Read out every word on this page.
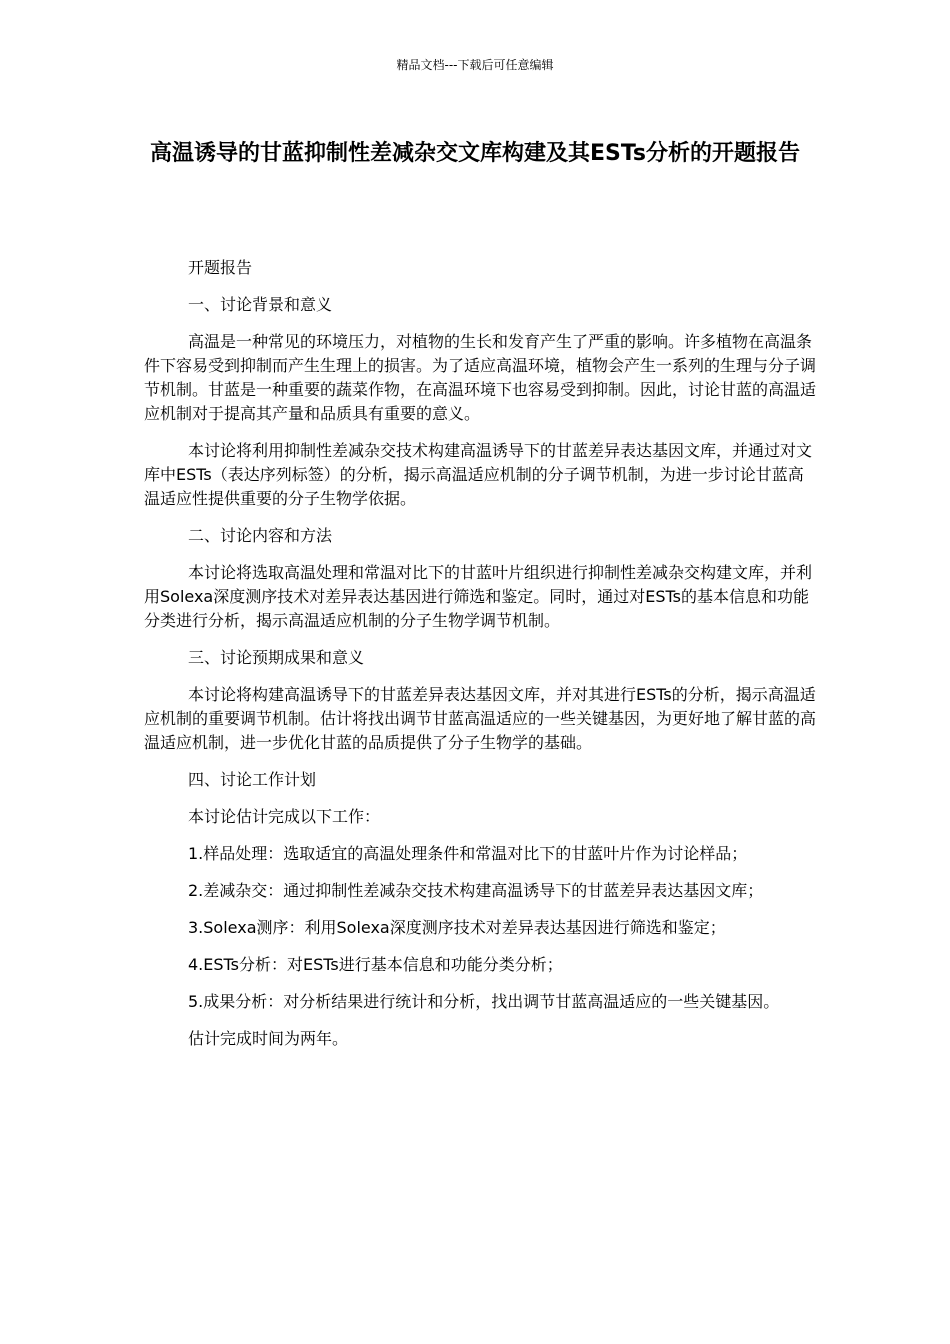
精品文档---下载后可任意编辑
高温诱导的甘蓝抑制性差减杂交文库构建及其ESTs分析的开题报告

开题报告

一、讨论背景和意义

高温是一种常见的环境压力，对植物的生长和发育产生了严重的影响。许多植物在高温条件下容易受到抑制而产生生理上的损害。为了适应高温环境，植物会产生一系列的生理与分子调节机制。甘蓝是一种重要的蔬菜作物，在高温环境下也容易受到抑制。因此，讨论甘蓝的高温适应机制对于提高其产量和品质具有重要的意义。

本讨论将利用抑制性差减杂交技术构建高温诱导下的甘蓝差异表达基因文库，并通过对文库中ESTs（表达序列标签）的分析，揭示高温适应机制的分子调节机制，为进一步讨论甘蓝高温适应性提供重要的分子生物学依据。

二、讨论内容和方法

本讨论将选取高温处理和常温对比下的甘蓝叶片组织进行抑制性差减杂交构建文库，并利用Solexa深度测序技术对差异表达基因进行筛选和鉴定。同时，通过对ESTs的基本信息和功能分类进行分析，揭示高温适应机制的分子生物学调节机制。

三、讨论预期成果和意义

本讨论将构建高温诱导下的甘蓝差异表达基因文库，并对其进行ESTs的分析，揭示高温适应机制的重要调节机制。估计将找出调节甘蓝高温适应的一些关键基因，为更好地了解甘蓝的高温适应机制，进一步优化甘蓝的品质提供了分子生物学的基础。

四、讨论工作计划

本讨论估计完成以下工作：

1.样品处理：选取适宜的高温处理条件和常温对比下的甘蓝叶片作为讨论样品；

2.差减杂交：通过抑制性差减杂交技术构建高温诱导下的甘蓝差异表达基因文库；

3.Solexa测序：利用Solexa深度测序技术对差异表达基因进行筛选和鉴定；

4.ESTs分析：对ESTs进行基本信息和功能分类分析；

5.成果分析：对分析结果进行统计和分析，找出调节甘蓝高温适应的一些关键基因。

估计完成时间为两年。
